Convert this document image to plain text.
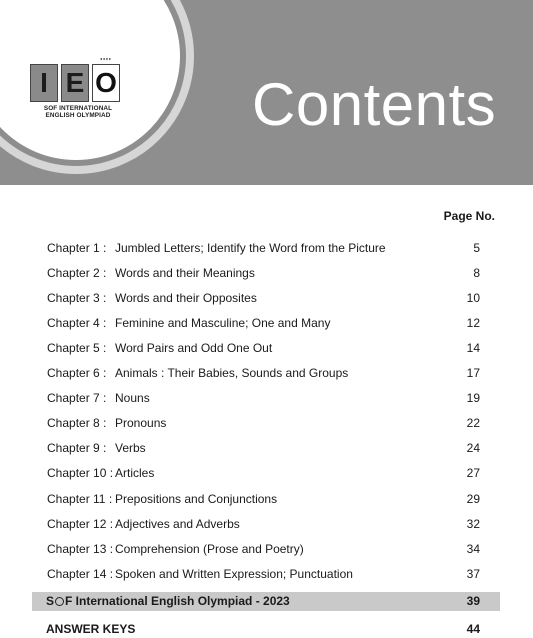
I E
''''
O
SOF INTERNATIONAL ENGLISH OLYMPIAD Contents
Page No.
Chapter 1 : Jumbled Letters; Identify the Word from the Picture	5
Chapter 2 : Words and their Meanings	8
Chapter 3 : Words and their Opposites	10
Chapter 4 : Feminine and Masculine; One and Many	12
Chapter 5 : Word Pairs and Odd One Out	14
Chapter 6 : Animals : Their Babies, Sounds and Groups	17
Chapter 7 : Nouns	19
Chapter 8 : Pronouns	22
Chapter 9 : Verbs	24
Chapter 10 : Articles	27
Chapter 11 : Prepositions and Conjunctions	29
Chapter 12 : Adjectives and Adverbs	32
Chapter 13 : Comprehension (Prose and Poetry)	34
Chapter 14 : Spoken and Written Expression; Punctuation	37
S F International English Olympiad - 2023	39
ANSWER KEYS	44
